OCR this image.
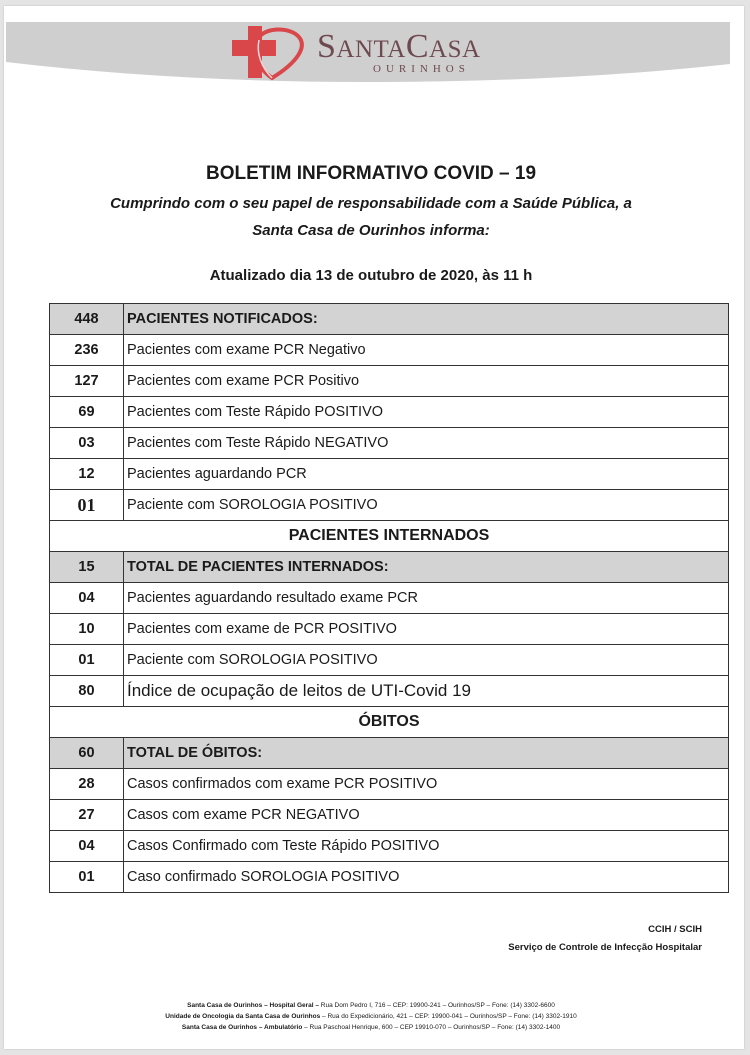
SANTACASA
OURINHOS
BOLETIM INFORMATIVO COVID – 19
Cumprindo com o seu papel de responsabilidade com a Saúde Pública, a
Santa Casa de Ourinhos informa:
Atualizado dia 13 de outubro de 2020, às 11 h
448	PACIENTES NOTIFICADOS:
236	Pacientes com exame PCR Negativo
127	Pacientes com exame PCR Positivo
69	Pacientes com Teste Rápido POSITIVO
03	Pacientes com Teste Rápido NEGATIVO
12	Pacientes aguardando PCR
01	Paciente com SOROLOGIA POSITIVO
PACIENTES INTERNADOS	
15	TOTAL DE PACIENTES INTERNADOS:
04	Pacientes aguardando resultado exame PCR
10	Pacientes com exame de PCR POSITIVO
01	Paciente com SOROLOGIA POSITIVO
80	Índice de ocupação de leitos de UTI-Covid 19
ÓBITOS	
60	TOTAL DE ÓBITOS:
28	Casos confirmados com exame PCR POSITIVO
27	Casos com exame PCR NEGATIVO
04	Casos Confirmado com Teste Rápido POSITIVO
01	Caso confirmado SOROLOGIA POSITIVO
CCIH / SCIH
Serviço de Controle de Infecção Hospitalar
Santa Casa de Ourinhos – Hospital Geral – Rua Dom Pedro I, 716 – CEP: 19900-241 – Ourinhos/SP – Fone: (14) 3302-6600
Unidade de Oncologia da Santa Casa de Ourinhos – Rua do Expedicionário, 421 – CEP: 19900-041 – Ourinhos/SP – Fone: (14) 3302-1910
Santa Casa de Ourinhos – Ambulatório – Rua Paschoal Henrique, 600 – CEP 19910-070 – Ourinhos/SP – Fone: (14) 3302-1400
